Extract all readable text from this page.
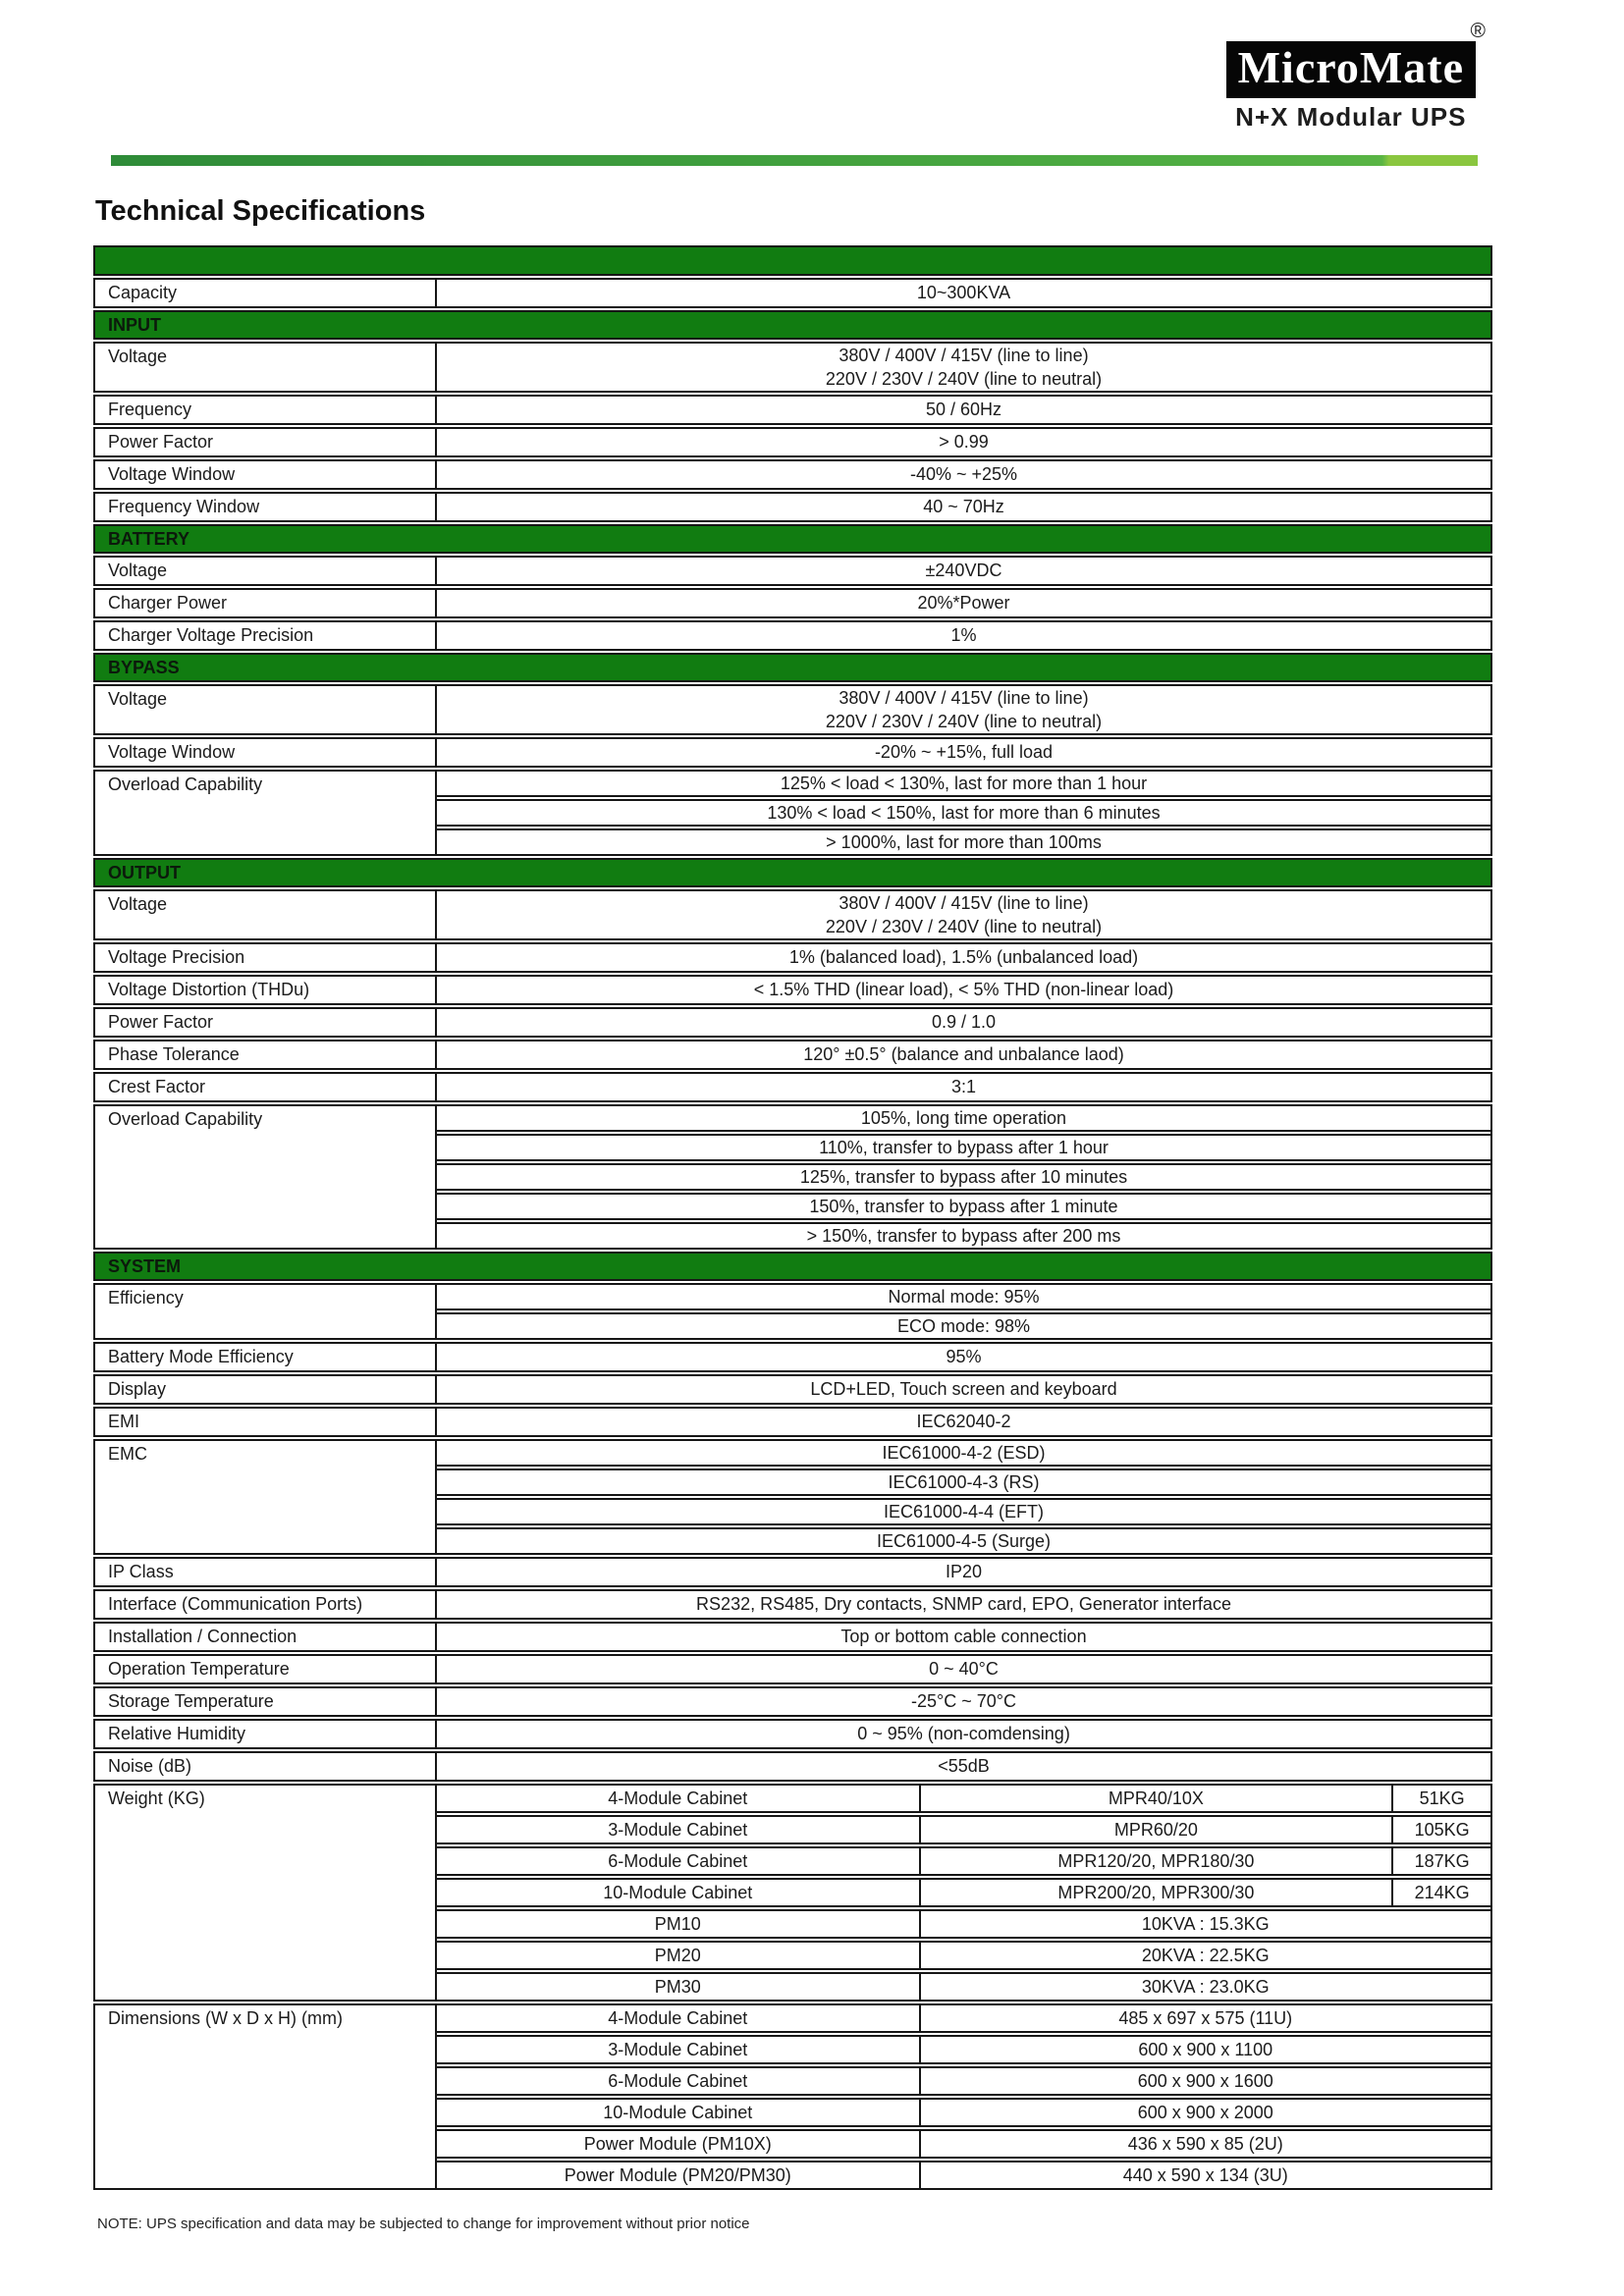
MicroMate
®
N+X Modular UPS
Technical Specifications
Capacity	10~300KVA
INPUT
Voltage	380V / 400V / 415V (line to line)
220V / 230V / 240V (line to neutral)
Frequency	50 / 60Hz
Power Factor	> 0.99
Voltage Window	-40% ~ +25%
Frequency Window	40 ~ 70Hz
BATTERY
Voltage	±240VDC
Charger Power	20%*Power
Charger Voltage Precision	1%
BYPASS
Voltage	380V / 400V / 415V (line to line)
220V / 230V / 240V (line to neutral)
Voltage Window	-20% ~ +15%, full load
Overload Capability	125% < load < 130%, last for more than 1 hour
130% < load < 150%, last for more than 6 minutes
> 1000%, last for more than 100ms
OUTPUT
Voltage	380V / 400V / 415V (line to line)
220V / 230V / 240V (line to neutral)
Voltage Precision	1% (balanced load), 1.5% (unbalanced load)
Voltage Distortion (THDu)	< 1.5% THD (linear load), < 5% THD (non-linear load)
Power Factor	0.9 / 1.0
Phase Tolerance	120° ±0.5° (balance and unbalance laod)
Crest Factor	3:1
Overload Capability	105%, long time operation
110%, transfer to bypass after 1 hour
125%, transfer to bypass after 10 minutes
150%, transfer to bypass after 1 minute
> 150%, transfer to bypass after 200 ms
SYSTEM
Efficiency	Normal mode: 95%
ECO mode: 98%
Battery Mode Efficiency	95%
Display	LCD+LED, Touch screen and keyboard
EMI	IEC62040-2
EMC	IEC61000-4-2 (ESD)
IEC61000-4-3 (RS)
IEC61000-4-4 (EFT)
IEC61000-4-5 (Surge)
IP Class	IP20
Interface (Communication Ports)	RS232, RS485, Dry contacts, SNMP card, EPO, Generator interface
Installation / Connection	Top or bottom cable connection
Operation Temperature	0 ~ 40°C
Storage Temperature	-25°C ~ 70°C
Relative Humidity	0 ~ 95% (non-comdensing)
Noise (dB)	<55dB
Weight (KG)	4-Module Cabinet	MPR40/10X	51KG
3-Module Cabinet	MPR60/20	105KG
6-Module Cabinet	MPR120/20, MPR180/30	187KG
10-Module Cabinet	MPR200/20, MPR300/30	214KG
PM10	10KVA : 15.3KG
PM20	20KVA : 22.5KG
PM30	30KVA : 23.0KG
Dimensions (W x D x H) (mm)	4-Module Cabinet	485 x 697 x 575 (11U)
3-Module Cabinet	600 x 900 x 1100
6-Module Cabinet	600 x 900 x 1600
10-Module Cabinet	600 x 900 x 2000
Power Module (PM10X)	436 x 590 x 85 (2U)
Power Module (PM20/PM30)	440 x 590 x 134 (3U)
NOTE: UPS specification and data may be subjected to change for improvement without prior notice
